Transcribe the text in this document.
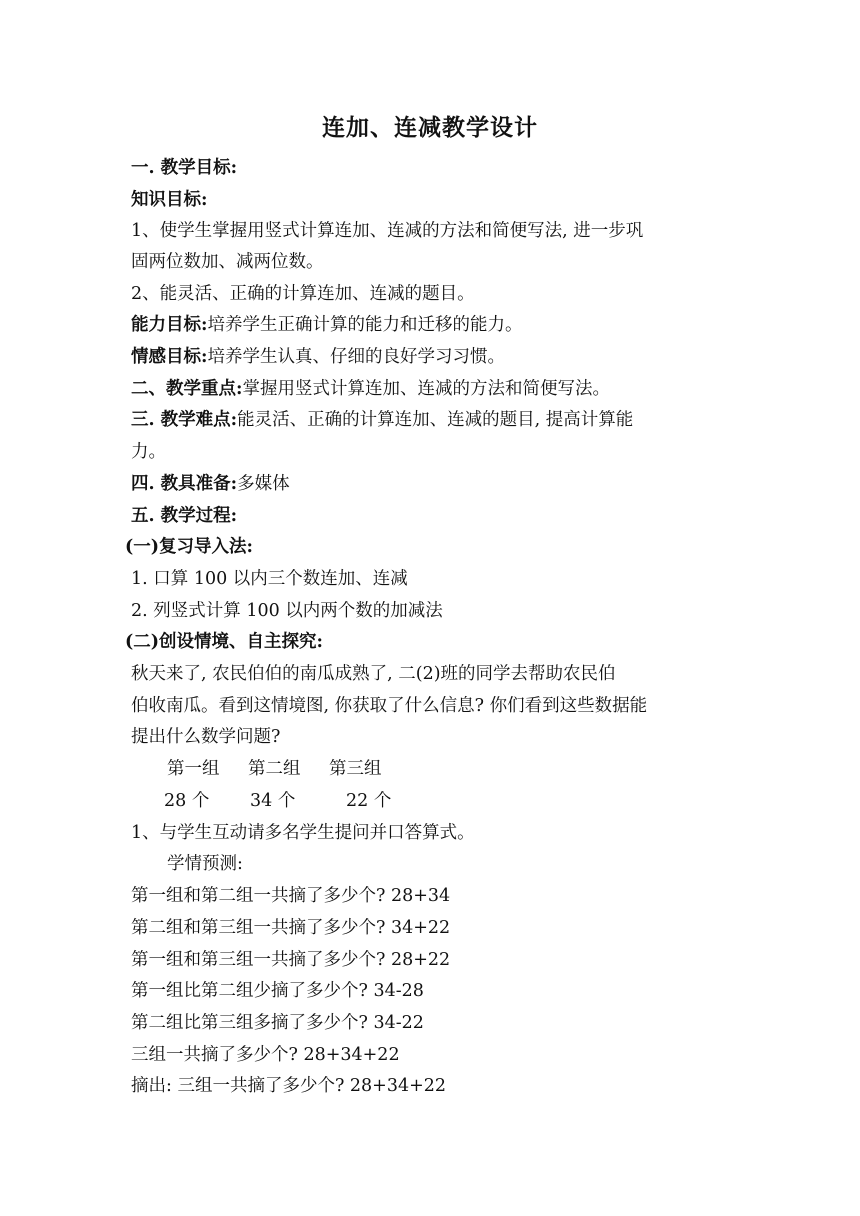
连加、连减教学设计
一. 教学目标:
知识目标:
1、使学生掌握用竖式计算连加、连减的方法和简便写法, 进一步巩
固两位数加、减两位数。
2、能灵活、正确的计算连加、连减的题目。
能力目标:培养学生正确计算的能力和迁移的能力。
情感目标:培养学生认真、仔细的良好学习习惯。
二、教学重点:掌握用竖式计算连加、连减的方法和简便写法。
三. 教学难点:能灵活、正确的计算连加、连减的题目, 提高计算能
力。
四. 教具准备:多媒体
五. 教学过程:
(一)复习导入法:
1. 口算 100 以内三个数连加、连减
2. 列竖式计算 100 以内两个数的加减法
(二)创设情境、自主探究:
秋天来了, 农民伯伯的南瓜成熟了, 二(2)班的同学去帮助农民伯
伯收南瓜。看到这情境图, 你获取了什么信息? 你们看到这些数据能
提出什么数学问题?
第一组 第二组 第三组
28 个 34 个	22 个
1、与学生互动请多名学生提问并口答算式。
学情预测:
第一组和第二组一共摘了多少个? 28+34
第二组和第三组一共摘了多少个? 34+22
第一组和第三组一共摘了多少个? 28+22
第一组比第二组少摘了多少个? 34-28
第二组比第三组多摘了多少个? 34-22
三组一共摘了多少个? 28+34+22
摘出: 三组一共摘了多少个? 28+34+22
